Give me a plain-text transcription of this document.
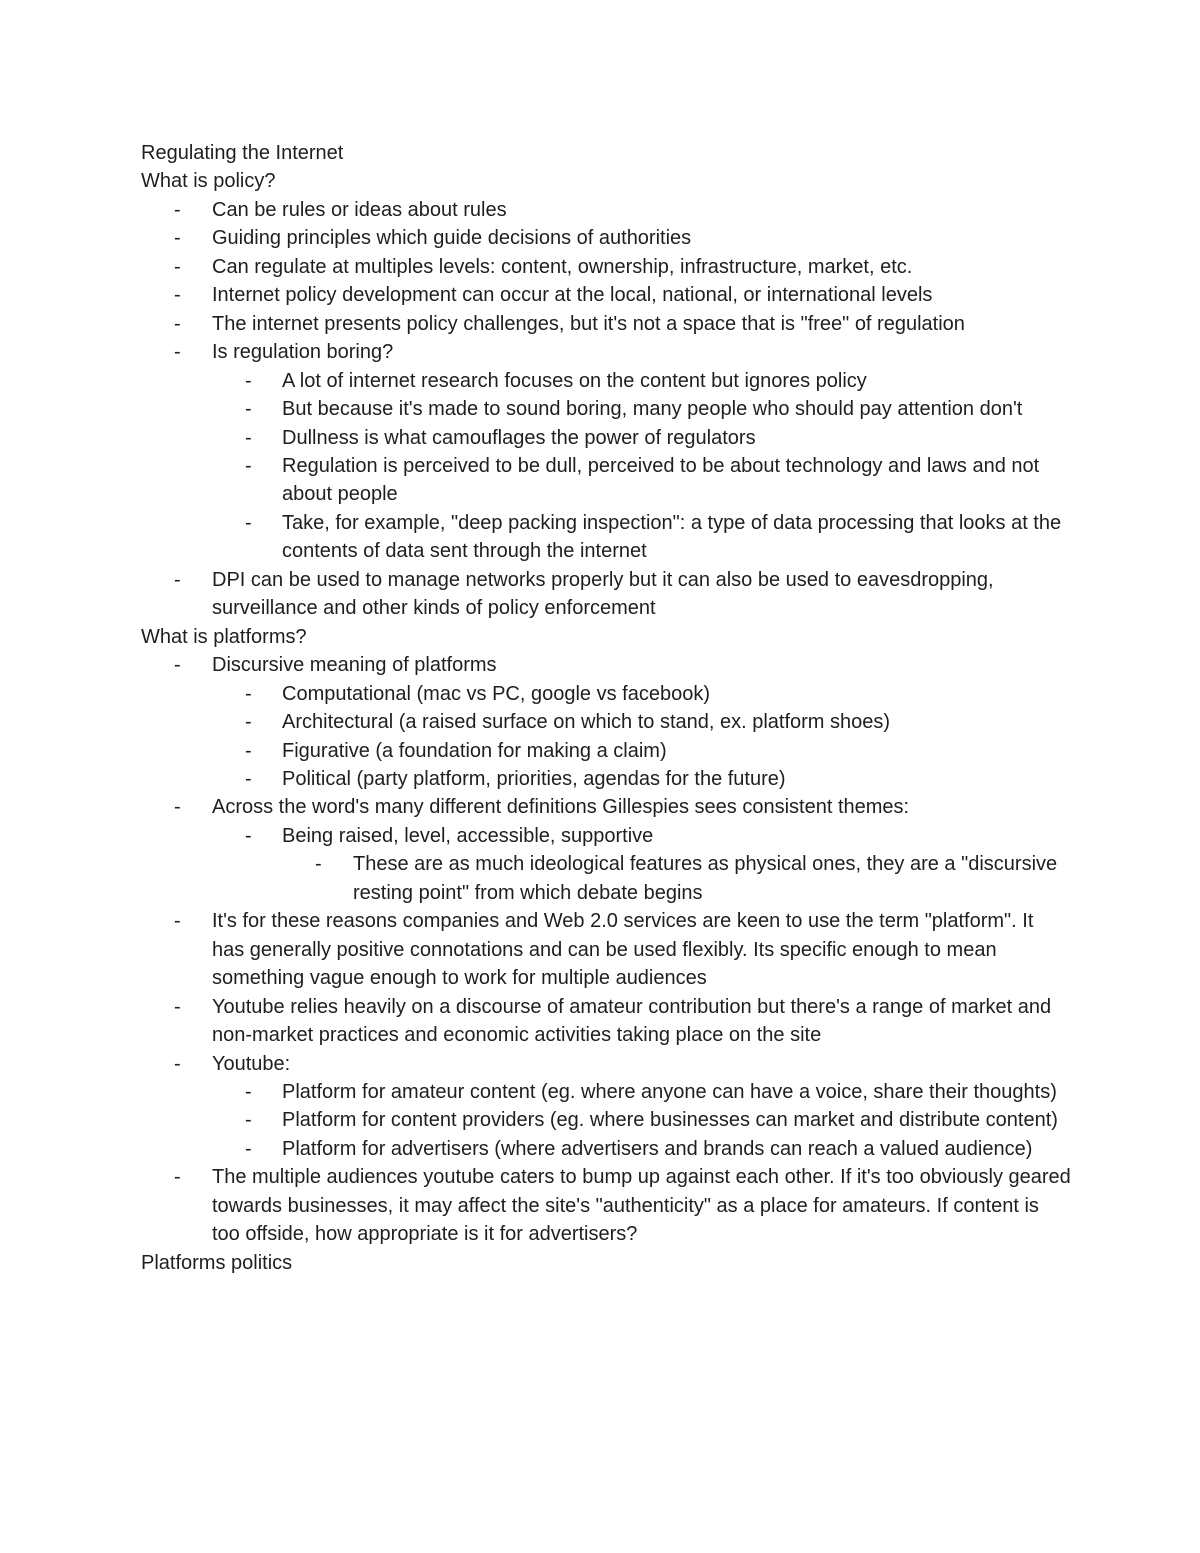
Regulating the Internet
What is policy?
- Can be rules or ideas about rules
- Guiding principles which guide decisions of authorities
- Can regulate at multiples levels: content, ownership, infrastructure, market, etc.
- Internet policy development can occur at the local, national, or international levels
- The internet presents policy challenges, but it's not a space that is "free" of regulation
- Is regulation boring?
- A lot of internet research focuses on the content but ignores policy
- But because it's made to sound boring, many people who should pay attention don't
- Dullness is what camouflages the power of regulators
- Regulation is perceived to be dull, perceived to be about technology and laws and not about people
- Take, for example, "deep packing inspection": a type of data processing that looks at the contents of data sent through the internet
- DPI can be used to manage networks properly but it can also be used to eavesdropping, surveillance and other kinds of policy enforcement
What is platforms?
- Discursive meaning of platforms
- Computational (mac vs PC, google vs facebook)
- Architectural (a raised surface on which to stand, ex. platform shoes)
- Figurative (a foundation for making a claim)
- Political (party platform, priorities, agendas for the future)
- Across the word's many different definitions Gillespies sees consistent themes:
- Being raised, level, accessible, supportive
- These are as much ideological features as physical ones, they are a "discursive resting point" from which debate begins
- It's for these reasons companies and Web 2.0 services are keen to use the term "platform". It has generally positive connotations and can be used flexibly. Its specific enough to mean something vague enough to work for multiple audiences
- Youtube relies heavily on a discourse of amateur contribution but there's a range of market and non-market practices and economic activities taking place on the site
- Youtube:
- Platform for amateur content (eg. where anyone can have a voice, share their thoughts)
- Platform for content providers (eg. where businesses can market and distribute content)
- Platform for advertisers (where advertisers and brands can reach a valued audience)
- The multiple audiences youtube caters to bump up against each other. If it's too obviously geared towards businesses, it may affect the site's "authenticity" as a place for amateurs. If content is too offside, how appropriate is it for advertisers?
Platforms politics
